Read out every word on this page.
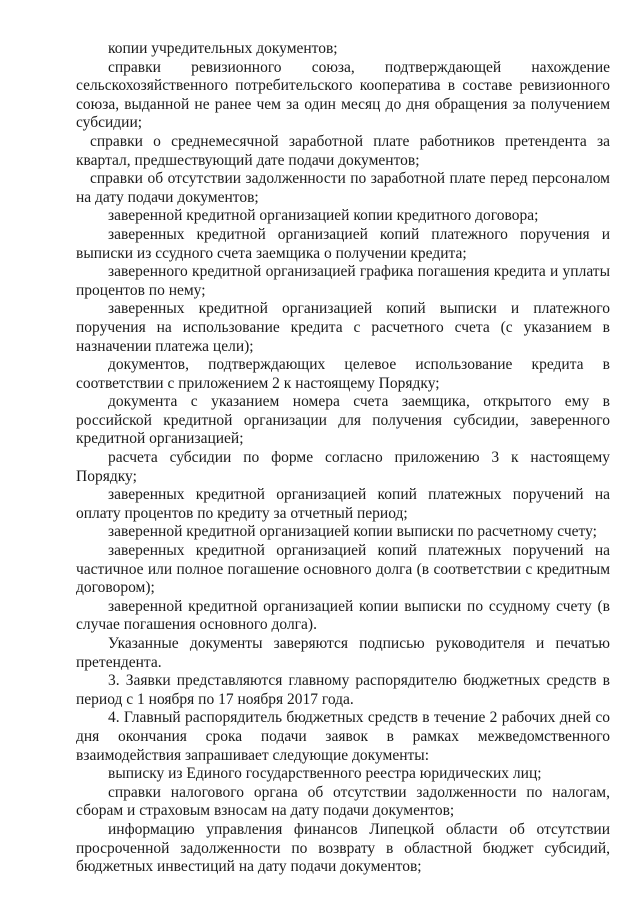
копии учредительных документов;

справки ревизионного союза, подтверждающей нахождение сельскохозяйственного потребительского кооператива в составе ревизионного союза, выданной не ранее чем за один месяц до дня обращения за получением субсидии;

справки о среднемесячной заработной плате работников претендента за квартал, предшествующий дате подачи документов;

справки об отсутствии задолженности по заработной плате перед персоналом на дату подачи документов;

заверенной кредитной организацией копии кредитного договора;

заверенных кредитной организацией копий платежного поручения и выписки из ссудного счета заемщика о получении кредита;

заверенного кредитной организацией графика погашения кредита и уплаты процентов по нему;

заверенных кредитной организацией копий выписки и платежного поручения на использование кредита с расчетного счета (с указанием в назначении платежа цели);

документов, подтверждающих целевое использование кредита в соответствии с приложением 2 к настоящему Порядку;

документа с указанием номера счета заемщика, открытого ему в российской кредитной организации для получения субсидии, заверенного кредитной организацией;

расчета субсидии по форме согласно приложению 3 к настоящему Порядку;

заверенных кредитной организацией копий платежных поручений на оплату процентов по кредиту за отчетный период;

заверенной кредитной организацией копии выписки по расчетному счету;

заверенных кредитной организацией копий платежных поручений на частичное или полное погашение основного долга (в соответствии с кредитным договором);

заверенной кредитной организацией копии выписки по ссудному счету (в случае погашения основного долга).

Указанные документы заверяются подписью руководителя и печатью претендента.

3. Заявки представляются главному распорядителю бюджетных средств в период с 1 ноября по 17 ноября 2017 года.

4. Главный распорядитель бюджетных средств в течение 2 рабочих дней со дня окончания срока подачи заявок в рамках межведомственного взаимодействия запрашивает следующие документы:

выписку из Единого государственного реестра юридических лиц;

справки налогового органа об отсутствии задолженности по налогам, сборам и страховым взносам на дату подачи документов;

информацию управления финансов Липецкой области об отсутствии просроченной задолженности по возврату в областной бюджет субсидий, бюджетных инвестиций на дату подачи документов;
